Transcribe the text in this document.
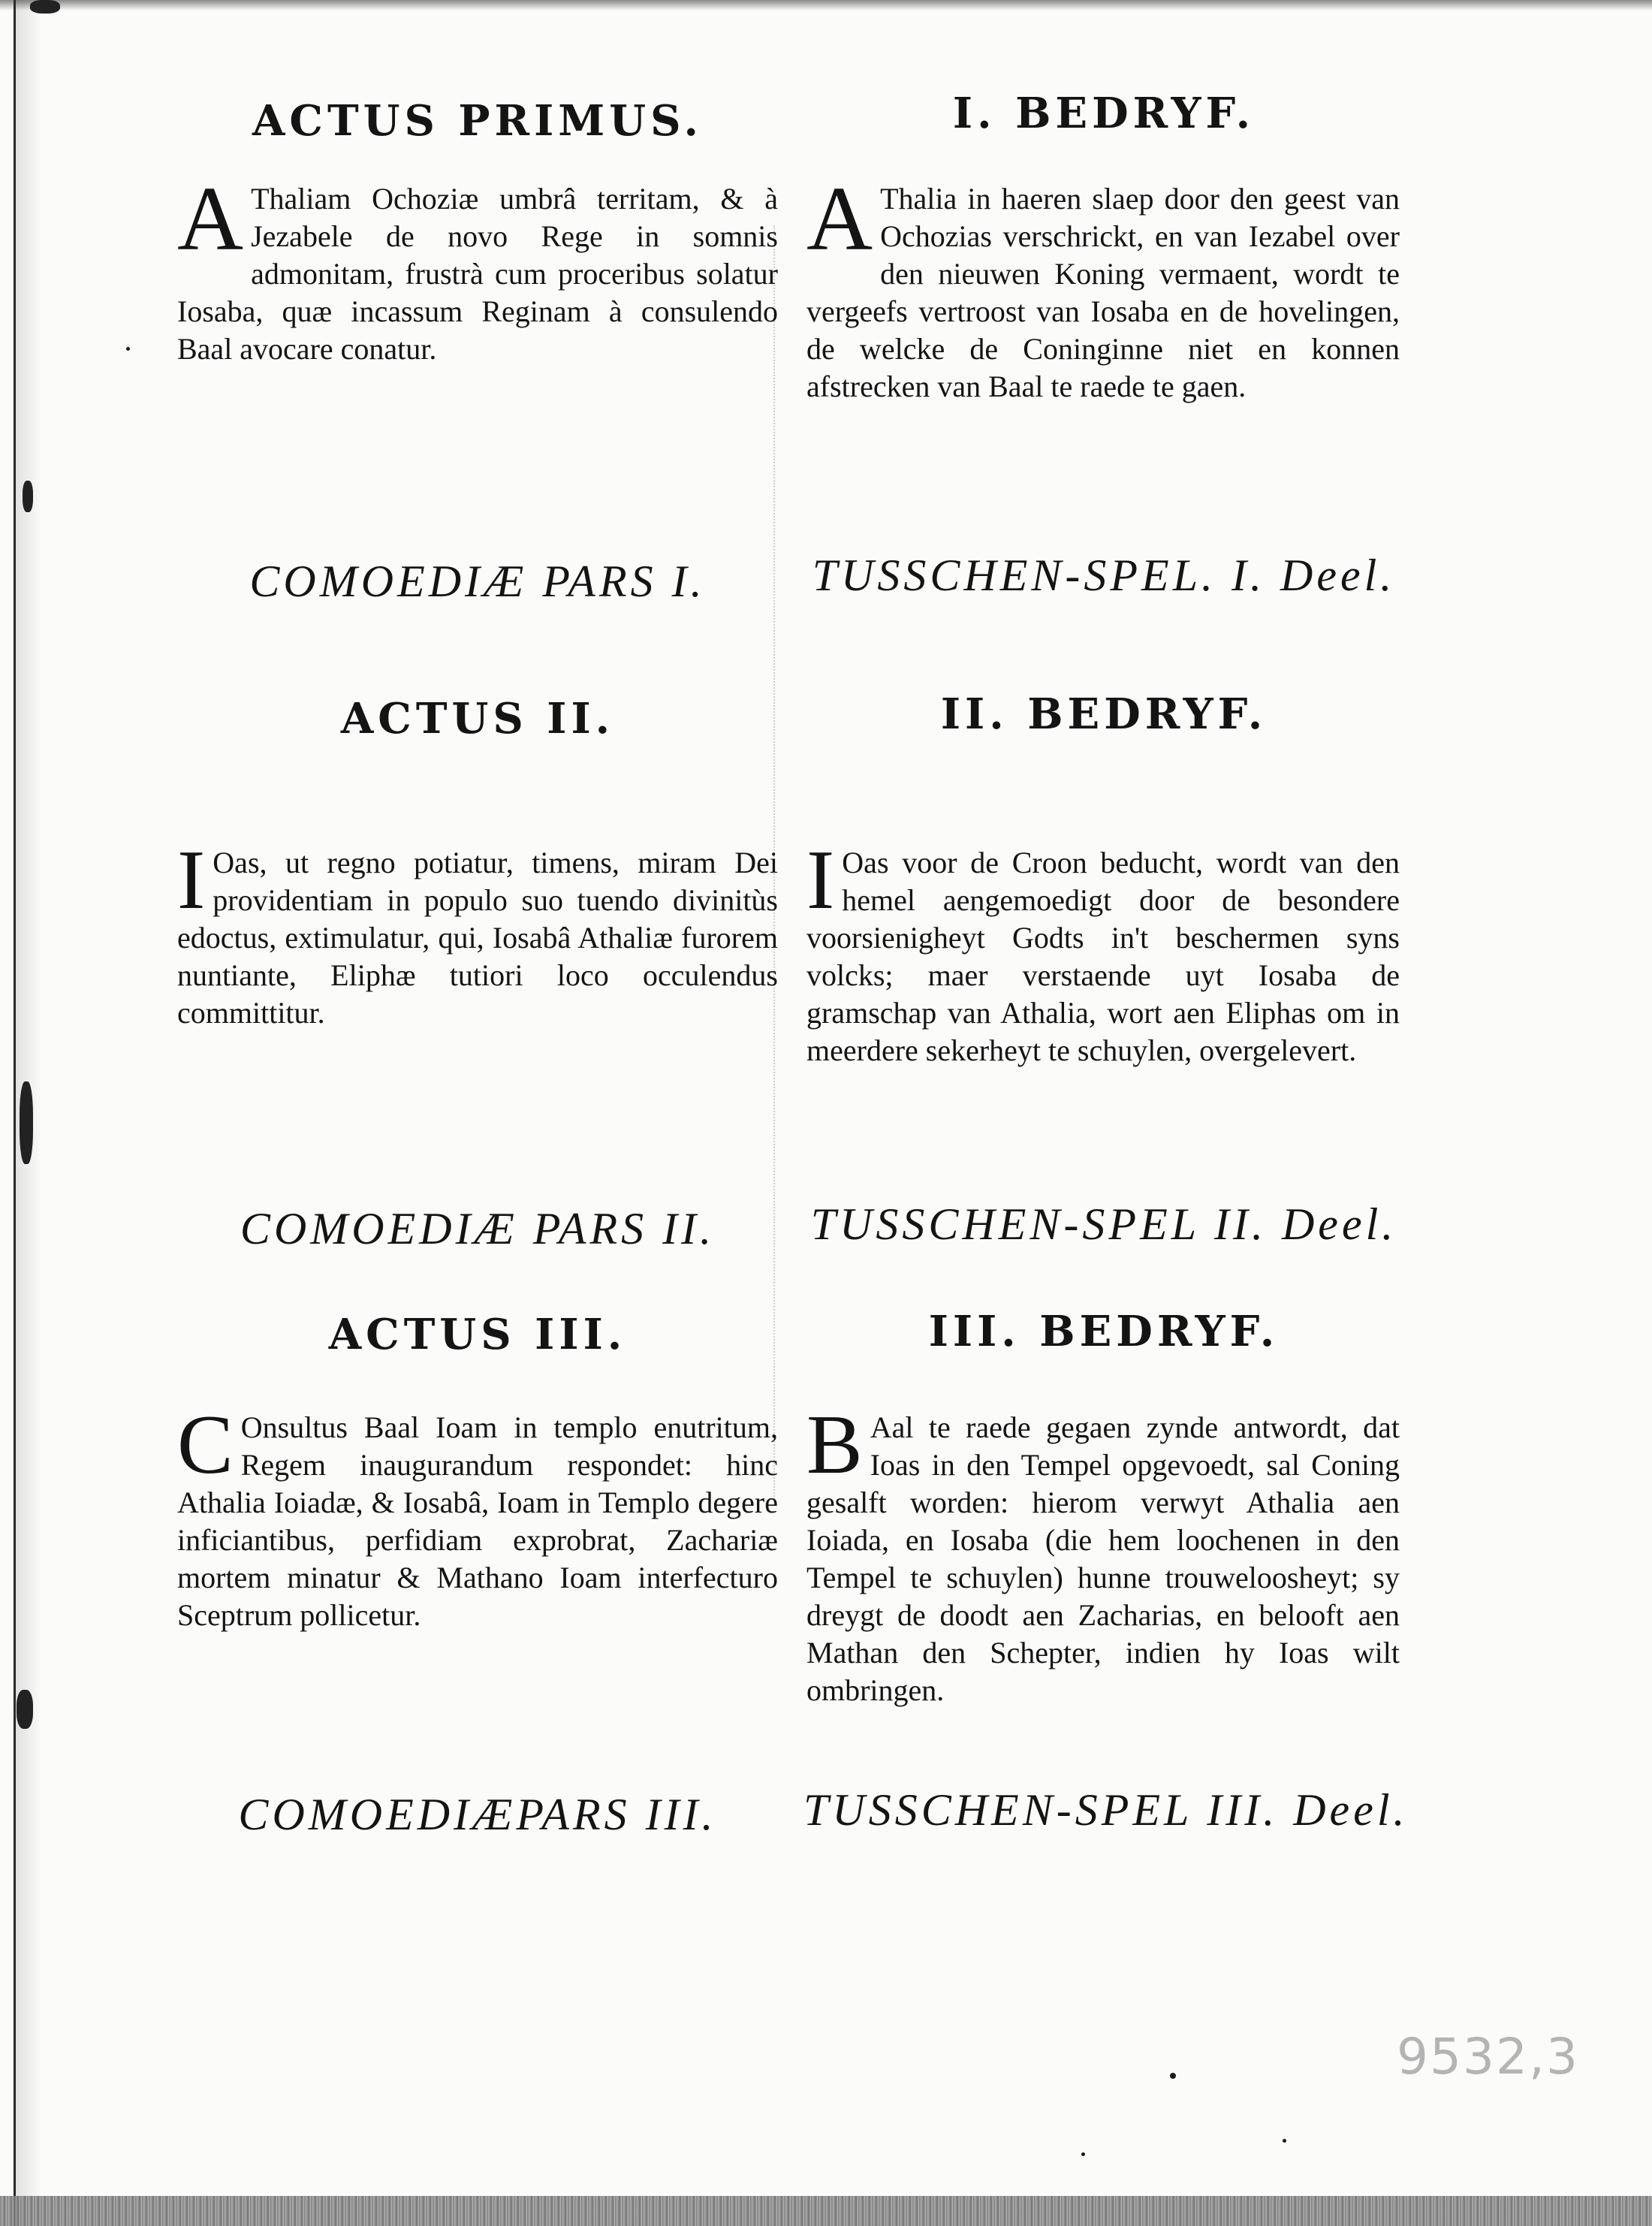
ACTUS PRIMUS.	I. BEDRYF.
A Thaliam Ochoziæ umbrâ territam, & à Jezabele de novo Rege in somnis admonitam, frustrà cum proceribus solatur Iosaba, quæ incassum Reginam à consulendo Baal avocare conatur.
A Thalia in haeren slaep door den geest van Ochozias verschrickt, en van Iezabel over den nieuwen Koning vermaent, wordt te vergeefs vertroost van Iosaba en de hovelingen, de welcke de Coninginne niet en konnen afstrecken van Baal te raede te gaen.
COMOEDIÆ PARS I.	TUSSCHEN-SPEL. I. Deel.
ACTUS II.	II. BEDRYF.
I Oas, ut regno potiatur, timens, miram Dei providentiam in populo suo tuendo divinitùs edoctus, extimulatur, qui, Iosabâ Athaliæ furorem nuntiante, Eliphæ tutiori loco occulendus committitur.
I Oas voor de Croon beducht, wordt van den hemel aengemoedigt door de besondere voorsienigheyt Godts in't beschermen syns volcks; maer verstaende uyt Iosaba de gramschap van Athalia, wort aen Eliphas om in meerdere sekerheyt te schuylen, overgelevert.
COMOEDIÆ PARS II.	TUSSCHEN-SPEL II. Deel.
ACTUS III.	III. BEDRYF.
C Onsultus Baal Ioam in templo enutritum, Regem inaugurandum respondet: hinc Athalia Ioiadæ, & Iosabâ, Ioam in Templo degere inficiantibus, perfidiam exprobrat, Zachariæ mortem minatur & Mathano Ioam interfecturo Sceptrum pollicetur.
B Aal te raede gegaen zynde antwordt, dat Ioas in den Tempel opgevoedt, sal Coning gesalft worden: hierom verwyt Athalia aen Ioiada, en Iosaba (die hem loochenen in den Tempel te schuylen) hunne trouweloosheyt; sy dreygt de doodt aen Zacharias, en belooft aen Mathan den Schepter, indien hy Ioas wilt ombringen.
COMOEDIÆPARS III.	TUSSCHEN-SPEL III. Deel.
9532,3
